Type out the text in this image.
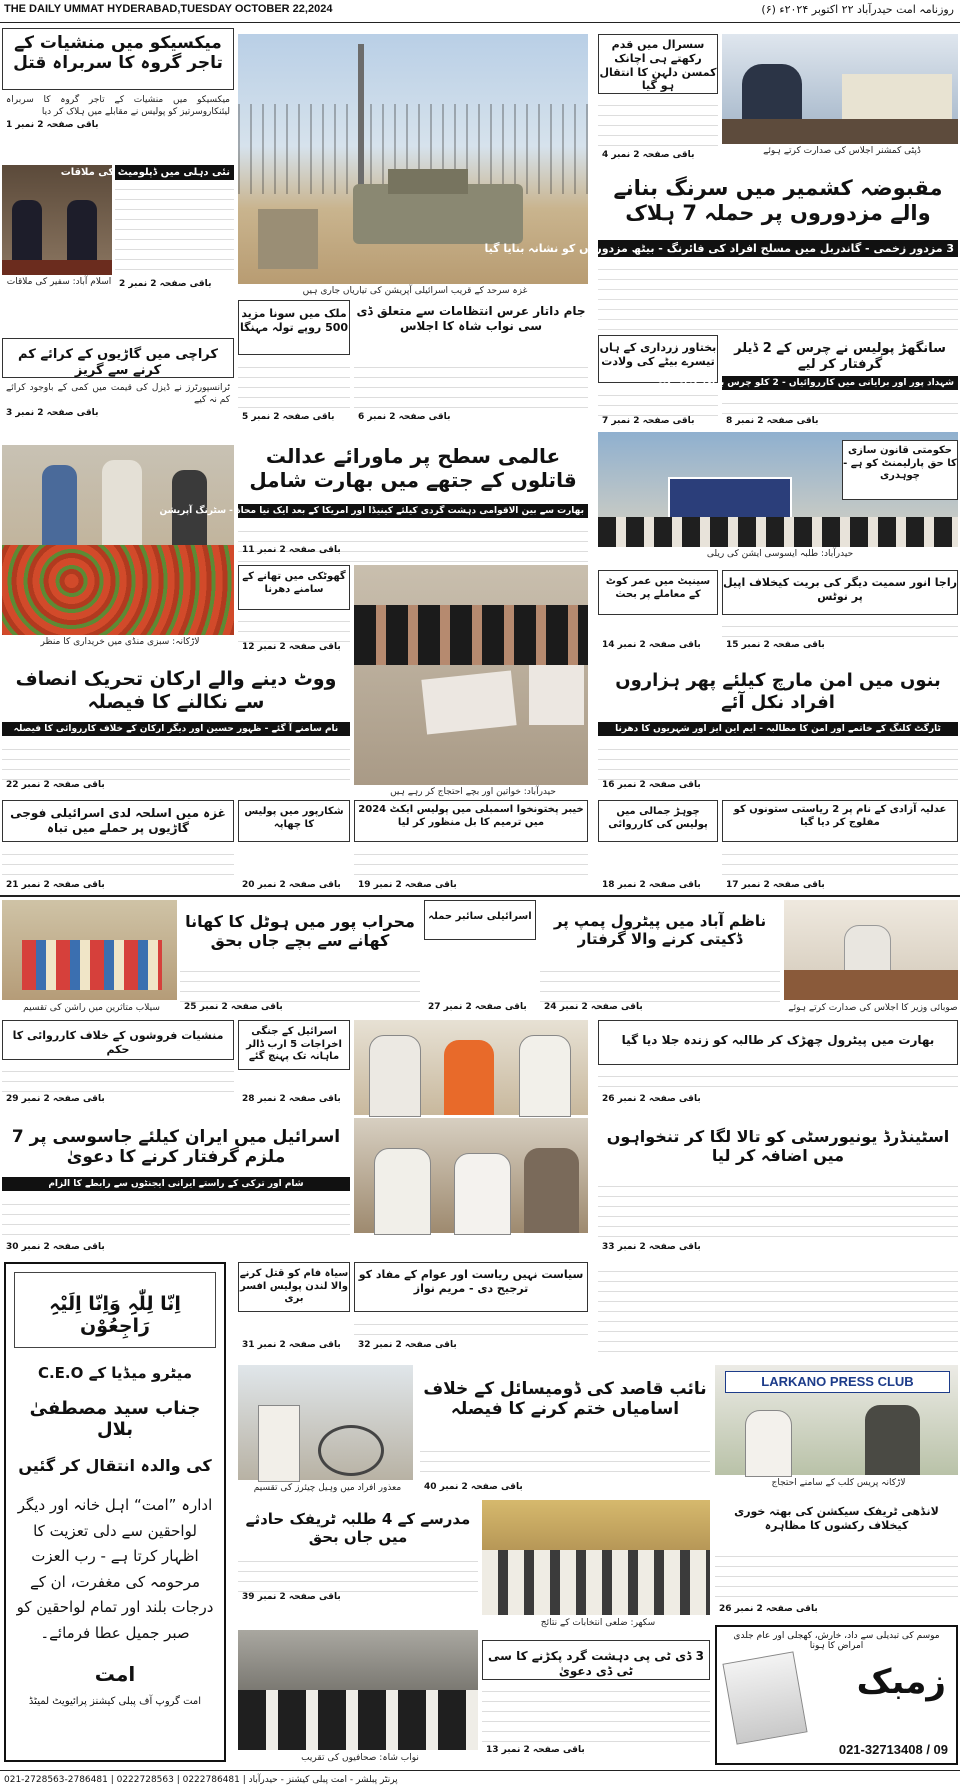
THE DAILY UMMAT HYDERABAD,TUESDAY OCTOBER 22,2024	روزنامہ امت حیدرآباد ۲۲ اکتوبر ۲۰۲۴ء (۶)
میکسیکو میں منشیات کے تاجر گروہ کا سربراہ قتل
میکسیکو میں منشیات کے تاجر گروہ کا سربراہ لیئنکاروسرتیز کو پولیس نے مقابلے میں ہلاک کر دیا
باقی صفحہ 2 نمبر 1
اسلام آباد: سفیر کی ملاقات
نئی دہلی میں ڈپلومیٹ کی ملاقات
باقی صفحہ 2 نمبر 2
غزہ سرحد کے قریب اسرائیلی آپریشن کی تیاریاں جاری ہیں
ڈپٹی کمشنر اجلاس کی صدارت کرتے ہوئے
سسرال میں قدم رکھتے ہی اچانک کمسن دلہن کا انتقال ہو گیا
باقی صفحہ 2 نمبر 4
مقبوضہ کشمیر میں سرنگ بنانے والے مزدوروں پر حملہ 7 ہلاک
3 مزدور زخمی - گاندربل میں مسلح افراد کی فائرنگ - بیٹھ مزدوروں کو نشانہ بنایا گیا
کراچی میں گاڑیوں کے کرائے کم کرنے سے گریز
ٹرانسپورٹرز نے ڈیزل کی قیمت میں کمی کے باوجود کرائے کم نہ کیے
باقی صفحہ 2 نمبر 3
ملک میں سونا مزید 500 روپے تولہ مہنگا
باقی صفحہ 2 نمبر 5
جام داتار عرس انتظامات سے متعلق ڈی سی نواب شاہ کا اجلاس
باقی صفحہ 2 نمبر 6
بختاور زرداری کے ہاں تیسرے بیٹے کی ولادت
باقی صفحہ 2 نمبر 7
سانگھڑ پولیس نے چرس کے 2 ڈیلر گرفتار کر لیے
شہداد پور اور برایانی میں کارروائیاں - 2 کلو چرس برآمد کرلی گئی
باقی صفحہ 2 نمبر 8
لاڑکانہ: سبزی منڈی میں خریداری کا منظر
عالمی سطح پر ماورائے عدالت قاتلوں کے جتھے میں بھارت شامل
بھارت سے بین الاقوامی دہشت گردی کیلئے کینیڈا اور امریکا کے بعد ایک نیا محاذ - سٹرنگ آپریشن
باقی صفحہ 2 نمبر 11	حیدرآباد: طلبہ ایسوسی ایشن کی ریلی
حکومتی قانون سازی کا حق پارلیمنٹ کو ہے - چوہدری
حیدرآباد: خواتین اور بچے احتجاج کر رہے ہیں
گھوٹکی میں تھانے کے سامنے دھرنا
باقی صفحہ 2 نمبر 12
سینیٹ میں عمر کوٹ کے معاملے پر بحث
باقی صفحہ 2 نمبر 14
راجا انور سمیت دیگر کی بریت کیخلاف اپیل پر نوٹس
باقی صفحہ 2 نمبر 15
ووٹ دینے والے ارکان تحریک انصاف سے نکالنے کا فیصلہ
نام سامنے آ گئے - ظہور حسین اور دیگر ارکان کے خلاف کارروائی کا فیصلہ
باقی صفحہ 2 نمبر 22
بنوں میں امن مارچ کیلئے پھر ہزاروں افراد نکل آئے
ٹارگٹ کلنگ کے خاتمے اور امن کا مطالبہ - ایم این ایز اور شہریوں کا دھرنا
باقی صفحہ 2 نمبر 16
غزہ میں اسلحہ لدی اسرائیلی فوجی گاڑیوں پر حملے میں تباہ
باقی صفحہ 2 نمبر 21
شکارپور میں پولیس کا چھاپہ
باقی صفحہ 2 نمبر 20
خیبر پختونخوا اسمبلی میں پولیس ایکٹ 2024 میں ترمیم کا بل منظور کر لیا
باقی صفحہ 2 نمبر 19
چوہڑ جمالی میں پولیس کی کارروائی
باقی صفحہ 2 نمبر 18
عدلیہ آزادی کے نام پر 2 ریاستی ستونوں کو مفلوج کر دیا گیا
باقی صفحہ 2 نمبر 17
سیلاب متاثرین میں راشن کی تقسیم
محراب پور میں ہوٹل کا کھانا کھانے سے بچے جاں بحق
باقی صفحہ 2 نمبر 25
اسرائیلی سائبر حملہ
باقی صفحہ 2 نمبر 27
ناظم آباد میں پیٹرول پمپ پر ڈکیتی کرنے والا گرفتار
باقی صفحہ 2 نمبر 24	صوبائی وزیر کا اجلاس کی صدارت کرتے ہوئے
منشیات فروشوں کے خلاف کارروائی کا حکم
باقی صفحہ 2 نمبر 29
اسرائیل کے جنگی اخراجات 5 ارب ڈالر ماہانہ تک پہنچ گئے
باقی صفحہ 2 نمبر 28
بھارت میں پیٹرول چھڑک کر طالبہ کو زندہ جلا دیا گیا
باقی صفحہ 2 نمبر 26
اسرائیل میں ایران کیلئے جاسوسی پر 7 ملزم گرفتار کرنے کا دعویٰ
شام اور ترکی کے راستے ایرانی ایجنٹوں سے رابطے کا الزام
باقی صفحہ 2 نمبر 30
اسٹینڈرڈ یونیورسٹی کو تالا لگا کر تنخواہوں میں اضافہ کر لیا
باقی صفحہ 2 نمبر 33
اِنّا لِلّٰہِ وَاِنّا اِلَیْہِ رَاجِعُوْن
میٹرو میڈیا کے C.E.O
جناب سید مصطفیٰ بلال
کی والدہ انتقال کر گئیں
ادارہ ”امت“ اہل خانہ اور دیگر لواحقین سے دلی تعزیت کا اظہار کرتا ہے - رب العزت مرحومہ کی مغفرت، ان کے درجات بلند اور تمام لواحقین کو صبر جمیل عطا فرمائے۔
امت
امت گروپ آف پبلی کیشنز پرائیویٹ لمیٹڈ
سیاہ فام کو قتل کرنے والا لندن پولیس افسر بری
باقی صفحہ 2 نمبر 31
سیاست نہیں ریاست اور عوام کے مفاد کو ترجیح دی - مریم نواز
باقی صفحہ 2 نمبر 32
معذور افراد میں وہیل چیئرز کی تقسیم
نائب قاصد کی ڈومیسائل کے خلاف اسامیاں ختم کرنے کا فیصلہ
باقی صفحہ 2 نمبر 40
LARKANO PRESS CLUB
لاڑکانہ پریس کلب کے سامنے احتجاج
مدرسے کے 4 طلبہ ٹریفک حادثے میں جاں بحق
باقی صفحہ 2 نمبر 39
سکھر: ضلعی انتخابات کے نتائج
لانڈھی ٹریفک سیکشن کی بھتہ خوری کیخلاف رکشوں کا مظاہرہ
باقی صفحہ 2 نمبر 26
نواب شاہ: صحافیوں کی تقریب
3 ڈی ٹی پی دہشت گرد پکڑنے کا سی ٹی ڈی دعویٰ
باقی صفحہ 2 نمبر 13
موسم کی تبدیلی سے داد، خارش، کھجلی اور عام جلدی امراض کا ہونا
زمبک
021-32713408 / 09
021-2728563-2786481 | 0222728563 | 0222786481 | پرنٹر پبلشر - امت پبلی کیشنز - حیدرآباد
